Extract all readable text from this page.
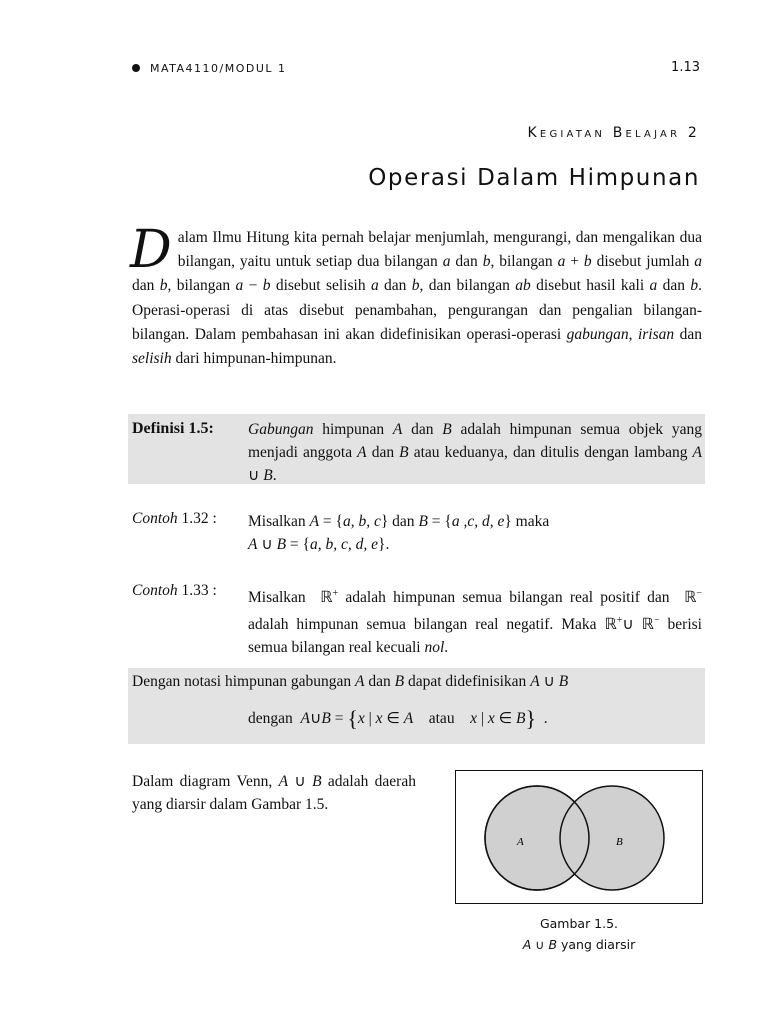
MATA4110/MODUL 1	1.13
Kegiatan Belajar 2
Operasi Dalam Himpunan
D alam Ilmu Hitung kita pernah belajar menjumlah, mengurangi, dan mengalikan dua bilangan, yaitu untuk setiap dua bilangan a dan b, bilangan a + b disebut jumlah a dan b, bilangan a − b disebut selisih a dan b, dan bilangan ab disebut hasil kali a dan b. Operasi-operasi di atas disebut penambahan, pengurangan dan pengalian bilangan-bilangan. Dalam pembahasan ini akan didefinisikan operasi-operasi gabungan, irisan dan selisih dari himpunan-himpunan.
Definisi 1.5: Gabungan himpunan A dan B adalah himpunan semua objek yang menjadi anggota A dan B atau keduanya, dan ditulis dengan lambang A ∪ B.
Contoh 1.32 : Misalkan A = {a, b, c} dan B = {a ,c, d, e} maka
A ∪ B = {a, b, c, d, e}.
Contoh 1.33 : Misalkan  ℝ+ adalah himpunan semua bilangan real positif dan  ℝ− adalah himpunan semua bilangan real negatif. Maka ℝ+∪ ℝ− berisi semua bilangan real kecuali nol.
Dengan notasi himpunan gabungan A dan B dapat didefinisikan A ∪ B
dengan  A∪B = {x | x ∈ A    atau    x | x ∈ B}  .
Dalam diagram Venn, A ∪ B adalah daerah yang diarsir dalam Gambar 1.5.
A	B
Gambar 1.5.
A ∪ B yang diarsir
